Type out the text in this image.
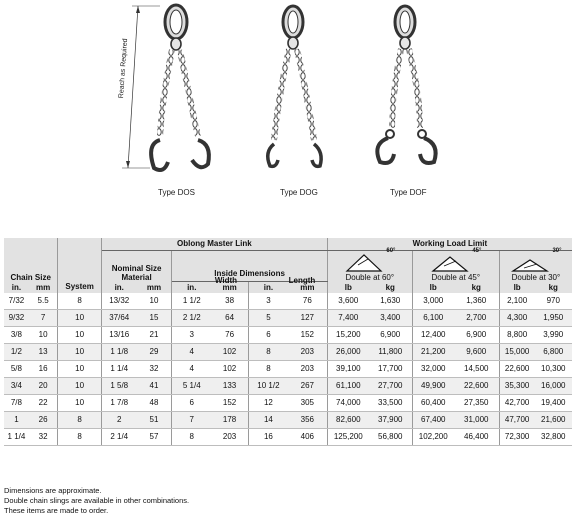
Reach as Required
Type DOS	Type DOG	Type DOF
			Oblong Master Link						Working Load Limit					
Chain Size		System	Nominal Size Material						$^{60^\circ}$
Double at 60°		$^{45^\circ}$
Double at 45°		$^{30^\circ}$
Double at 30°	

					Inside Dimensions									
in.	mm		in.	mm	in.	mm	in.	mm	lb	kg	lb	kg	lb	kg
7/32	5.5	8	13/32	10	1 1/2	38	3	76	3,600	1,630	3,000	1,360	2,100	970
9/32	7	10	37/64	15	2 1/2	64	5	127	7,400	3,400	6,100	2,700	4,300	1,950
3/8	10	10	13/16	21	3	76	6	152	15,200	6,900	12,400	6,900	8,800	3,990
1/2	13	10	1 1/8	29	4	102	8	203	26,000	11,800	21,200	9,600	15,000	6,800
5/8	16	10	1 1/4	32	4	102	8	203	39,100	17,700	32,000	14,500	22,600	10,300
3/4	20	10	1 5/8	41	5 1/4	133	10 1/2	267	61,100	27,700	49,900	22,600	35,300	16,000
7/8	22	10	1 7/8	48	6	152	12	305	74,000	33,500	60,400	27,350	42,700	19,400
1	26	8	2	51	7	178	14	356	82,600	37,900	67,400	31,000	47,700	21,600
1 1/4	32	8	2 1/4	57	8	203	16	406	125,200	56,800	102,200	46,400	72,300	32,800
Width	Length
Dimensions are approximate.
Double chain slings are available in other combinations.
These items are made to order.
